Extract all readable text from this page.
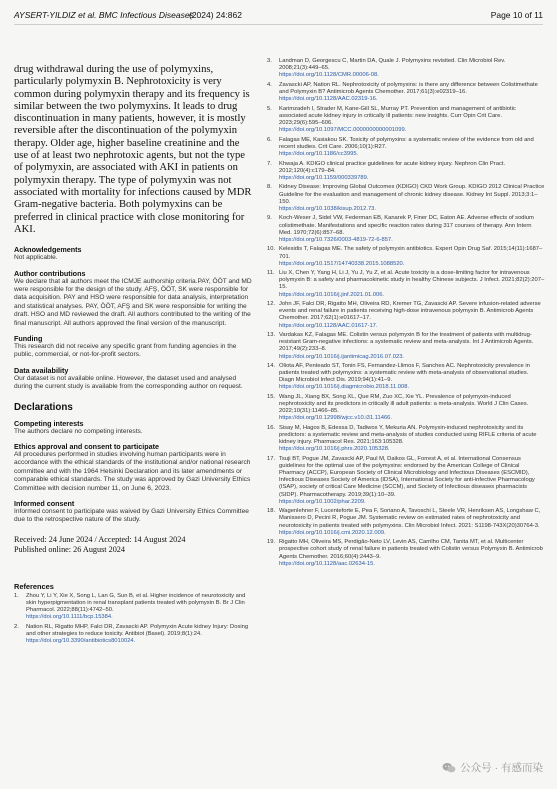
AYSERT-YILDIZ et al. BMC Infectious Diseases
(2024) 24:862	Page 10 of 11

drug withdrawal during the use of polymyxins, particularly polymyxin B. Nephrotoxicity is very common during polymyxin therapy and its frequency is similar between the two polymyxins. It leads to drug discontinuation in many patients, however, it is mostly reversible after the discontinuation of the polymyxin therapy. Older age, higher baseline creatinine and the use of at least two nephrotoxic agents, but not the type of polymyxin, are associated with AKI in patients on polymyxin therapy. The type of polymyxin was not associated with mortality for infections caused by MDR Gram-negative bacteria. Both polymyxins can be preferred in clinical practice with close monitoring for AKI.

Acknowledgements

Not applicable.

Author contributions

We declare that all authors meet the ICMJE authorship criteria.PAY, ÖÖT and MD were responsible for the design of the study. AFŞ, ÖÖT, SK were responsible for data acquisition. PAY and HSO were responsible for data analysis, interpretation and statistical analyses. PAY, ÖÖT, AFŞ and SK were responsible for writing the draft. HSO and MD reviewed the draft. All authors contributed to the writing of the final manuscript. All authors approved the final version of the manuscript.

Funding

This research did not receive any specific grant from funding agencies in the public, commercial, or not-for-profit sectors.

Data availability

Our dataset is not available online. However, the dataset used and analysed during the current study is available from the corresponding author on request.

Declarations

Competing interests

The authors declare no competing interests.

Ethics approval and consent to participate

All procedures performed in studies involving human participants were in accordance with the ethical standards of the institutional and/or national research committee and with the 1964 Helsinki Declaration and its later amendments or comparable ethical standards. The study was approved by Gazi University Ethics Committee with decision number 11, on June 6, 2023.

Informed consent

Informed consent to participate was waived by Gazi University Ethics Committee due to the retrospective nature of the study.

Received: 24 June 2024 / Accepted: 14 August 2024
Published online: 26 August 2024

References

1.	Zhou Y, Li Y, Xie X, Song L, Lan G, Sun B, et al. Higher incidence of neurotoxicity and skin hyperpigmentation in renal transplant patients treated with polymyxin B. Br J Clin Pharmacol. 2022;88(11):4742–50.
https://doi.org/10.1111/bcp.15384.
2.	Nation RL, Rigatto MHP, Falci DR, Zavascki AP. Polymyxin Acute kidney Injury: Dosing and other strategies to reduce toxicity. Antibiot (Basel). 2019;8(1):24.
https://doi.org/10.3390/antibiotics8010024.
3.	Landman D, Georgescu C, Martin DA, Quale J. Polymyxins revisited. Clin Microbiol Rev. 2008;21(3):449–65.
https://doi.org/10.1128/CMR.00006-08.
4.	Zavascki AP, Nation RL. Nephrotoxicity of polymyxins: is there any difference between Colistimethate and Polymyxin B? Antimicrob Agents Chemother. 2017;61(3):e02319–16.
https://doi.org/10.1128/AAC.02319-16.
5.	Karimzadeh I, Strader M, Kane-Gill SL, Murray PT. Prevention and management of antibiotic associated acute kidney injury in critically ill patients: new insights. Curr Opin Crit Care. 2023;29(6):595–606.
https://doi.org/10.1097/MCC.0000000000001099.
6.	Falagas ME, Kasiakou SK. Toxicity of polymyxins: a systematic review of the evidence from old and recent studies. Crit Care. 2006;10(1):R27.
https://doi.org/10.1186/cc3995.
7.	Khwaja A. KDIGO clinical practice guidelines for acute kidney injury. Nephron Clin Pract. 2012;120(4):c179–84.
https://doi.org/10.1159/000339789.
8.	Kidney Disease: Improving Global Outcomes (KDIGO) CKD Work Group. KDIGO 2012 Clinical Practice Guideline for the evaluation and management of chronic kidney disease. Kidney Int Suppl. 2013;3:1–150.
https://doi.org/10.1038/kisup.2012.73.
9.	Koch-Weser J, Sidel VW, Federman EB, Kanarek P, Finer DC, Eaton AE. Adverse effects of sodium colistimethate. Manifestations and specific reaction rates during 317 courses of therapy. Ann Intern Med. 1970;72(6):857–68.
https://doi.org/10.7326/0003-4819-72-6-857.
10. Kelesidis T, Falagas ME. The safety of polymyxin antibiotics. Expert Opin Drug Saf. 2015;14(11):1687–701.
https://doi.org/10.1517/14740338.2015.1088520.
11. Liu X, Chen Y, Yang H, Li J, Yu J, Yu Z, et al. Acute toxicity is a dose-limiting factor for intravenous polymyxin B: a safety and pharmacokinetic study in healthy Chinese subjects. J Infect. 2021;82(2):207–15.
https://doi.org/10.1016/j.jinf.2021.01.006.
12. John JF, Falci DR, Rigatto MH, Oliveira RD, Kremer TG, Zavascki AP. Severe infusion-related adverse events and renal failure in patients receiving high-dose intravenous polymyxin B. Antimicrob Agents Chemother. 2017;62(1):e01617–17.
https://doi.org/10.1128/AAC.01617-17.
13. Vardakas KZ, Falagas ME. Colistin versus polymyxin B for the treatment of patients with multidrug-resistant Gram-negative infections: a systematic review and meta-analysis. Int J Antimicrob Agents. 2017;49(2):233–8.
https://doi.org/10.1016/j.ijantimicag.2016.07.023.
14. Oliota AF, Penteado ST, Tonin FS, Fernandez-Llimos F, Sanches AC. Nephrotoxicity prevalence in patients treated with polymyxins: a systematic review with meta-analysis of observational studies. Diagn Microbiol Infect Dis. 2019;94(1):41–9.
https://doi.org/10.1016/j.diagmicrobio.2018.11.008.
15. Wang JL, Xiang BX, Song XL, Que RM, Zuo XC, Xie YL. Prevalence of polymyxin-induced nephrotoxicity and its predictors in critically ill adult patients: a meta-analysis. World J Clin Cases. 2022;10(31):11466–85.
https://doi.org/10.12998/wjcc.v10.i31.11466.
16. Sisay M, Hagos B, Edessa D, Tadiwos Y, Mekuria AN. Polymyxin-induced nephrotoxicity and its predictors: a systematic review and meta-analysis of studies conducted using RIFLE criteria of acute kidney injury. Pharmacol Res. 2021;163:105328.
https://doi.org/10.1016/j.phrs.2020.105328.
17. Tsuji BT, Pogue JM, Zavascki AP, Paul M, Daikos GL, Forrest A, et al. International Consensus guidelines for the optimal use of the polymyxins: endorsed by the American College of Clinical Pharmacy (ACCP), European Society of Clinical Microbiology and Infectious Diseases (ESCMID), Infectious Diseases Society of America (IDSA), International Society for anti-infective Pharmacology (ISAP), society of critical Care Medicine (SCCM), and Society of Infectious diseases pharmacists (SIDP). Pharmacotherapy. 2019;39(1):10–39.
https://doi.org/10.1002/phar.2209.
18. Wagenlehner F, Lucenteforte E, Pea F, Soriano A, Tavoschi L, Steele VR, Henriksen AS, Longshaw C, Manissero D, Pecini R, Pogue JM. Systematic review on estimated rates of nephrotoxicity and neurotoxicity in patients treated with polymyxins. Clin Microbiol Infect. 2021: S1198-743X(20)30764-3.
https://doi.org/10.1016/j.cmi.2020.12.009.
19. Rigatto MH, Oliveira MS, Perdigão-Neto LV, Levin AS, Carrilho CM, Tanita MT, et al. Multicenter prospective cohort study of renal failure in patients treated with Colistin versus Polymyxin B. Antimicrob Agents Chemother. 2016;60(4):2443–9.
https://doi.org/10.1128/aac.02634-15.
公众号 · 有感而染
